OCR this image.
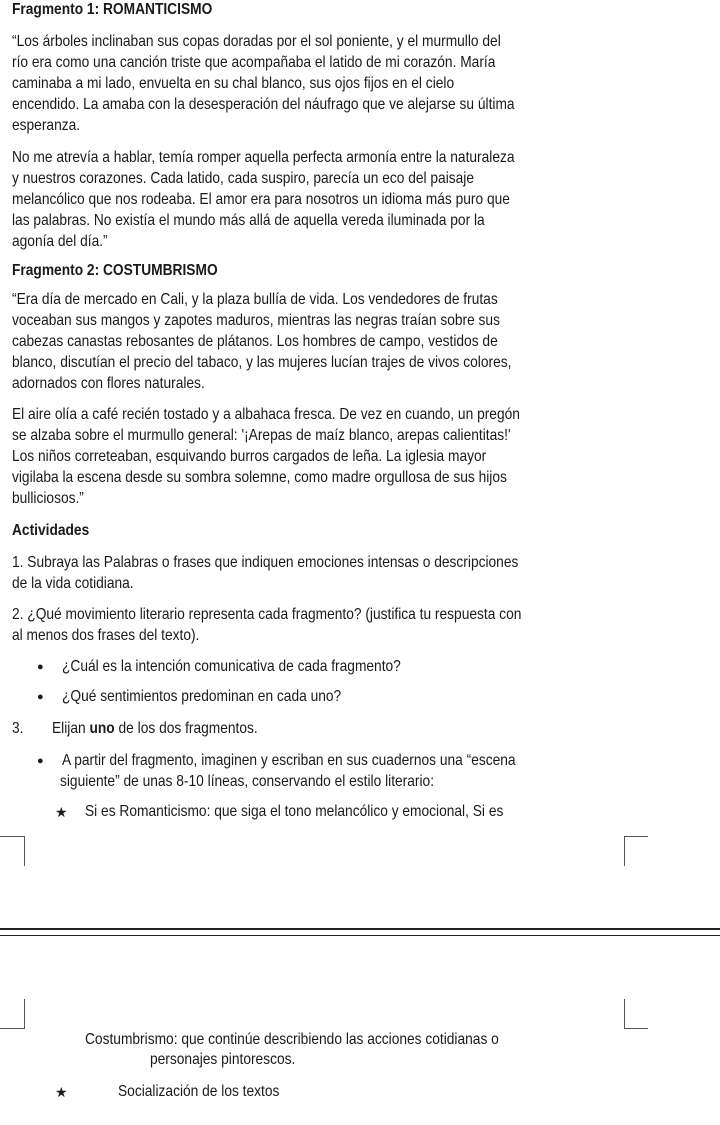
Fragmento 1: ROMANTICISMO
“Los árboles inclinaban sus copas doradas por el sol poniente, y el murmullo del
río era como una canción triste que acompañaba el latido de mi corazón. María
caminaba a mi lado, envuelta en su chal blanco, sus ojos fijos en el cielo
encendido. La amaba con la desesperación del náufrago que ve alejarse su última
esperanza.
No me atrevía a hablar, temía romper aquella perfecta armonía entre la naturaleza
y nuestros corazones. Cada latido, cada suspiro, parecía un eco del paisaje
melancólico que nos rodeaba. El amor era para nosotros un idioma más puro que
las palabras. No existía el mundo más allá de aquella vereda iluminada por la
agonía del día.”
Fragmento 2: COSTUMBRISMO
“Era día de mercado en Cali, y la plaza bullía de vida. Los vendedores de frutas
voceaban sus mangos y zapotes maduros, mientras las negras traían sobre sus
cabezas canastas rebosantes de plátanos. Los hombres de campo, vestidos de
blanco, discutían el precio del tabaco, y las mujeres lucían trajes de vivos colores,
adornados con flores naturales.
El aire olía a café recién tostado y a albahaca fresca. De vez en cuando, un pregón
se alzaba sobre el murmullo general: '¡Arepas de maíz blanco, arepas calientitas!'
Los niños correteaban, esquivando burros cargados de leña. La iglesia mayor
vigilaba la escena desde su sombra solemne, como madre orgullosa de sus hijos
bulliciosos.”
Actividades
1. Subraya las Palabras o frases que indiquen emociones intensas o descripciones
de la vida cotidiana.
2. ¿Qué movimiento literario representa cada fragmento? (justifica tu respuesta con
al menos dos frases del texto).
● ¿Cuál es la intención comunicativa de cada fragmento?
● ¿Qué sentimientos predominan en cada uno?
3. Elijan uno de los dos fragmentos.
● A partir del fragmento, imaginen y escriban en sus cuadernos una “escena
siguiente” de unas 8-10 líneas, conservando el estilo literario:
★ Si es Romanticismo: que siga el tono melancólico y emocional, Si es
Costumbrismo: que continúe describiendo las acciones cotidianas o
personajes pintorescos.
★	Socialización de los textos
